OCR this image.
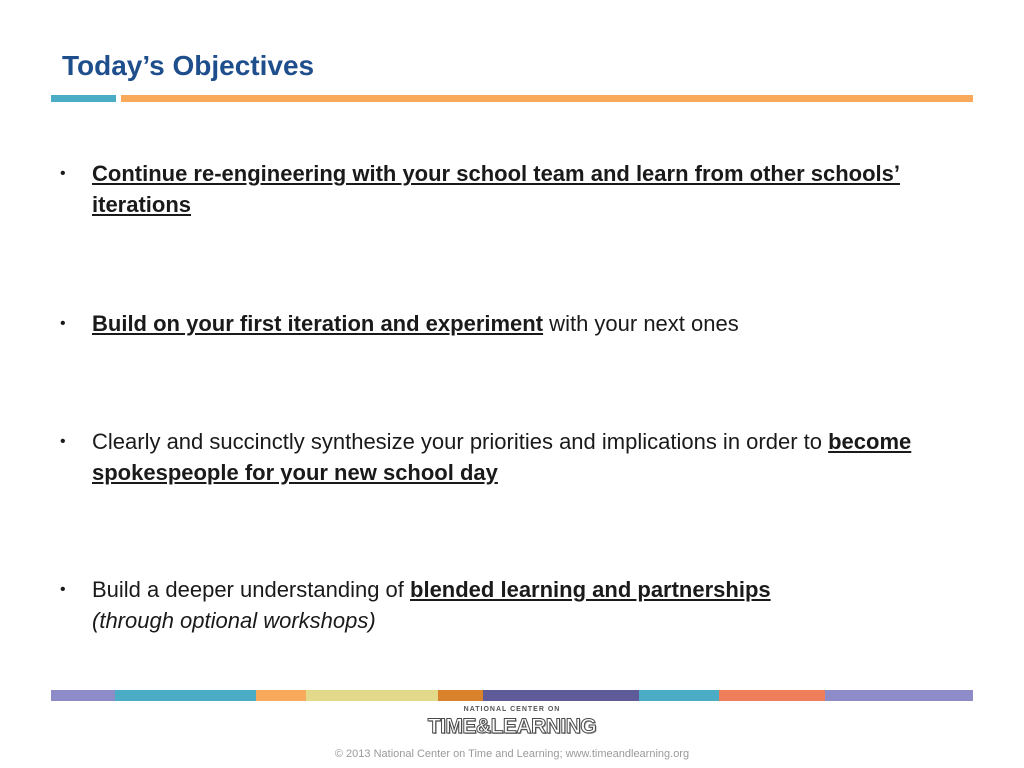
Today’s Objectives
• Continue re-engineering with your school team and learn from other schools’ iterations
• Build on your first iteration and experiment with your next ones
• Clearly and succinctly synthesize your priorities and implications in order to become spokespeople for your new school day
• Build a deeper understanding of blended learning and partnerships
(through optional workshops)
NATIONAL CENTER ON
TIME&LEARNING
© 2013 National Center on Time and Learning; www.timeandlearning.org
